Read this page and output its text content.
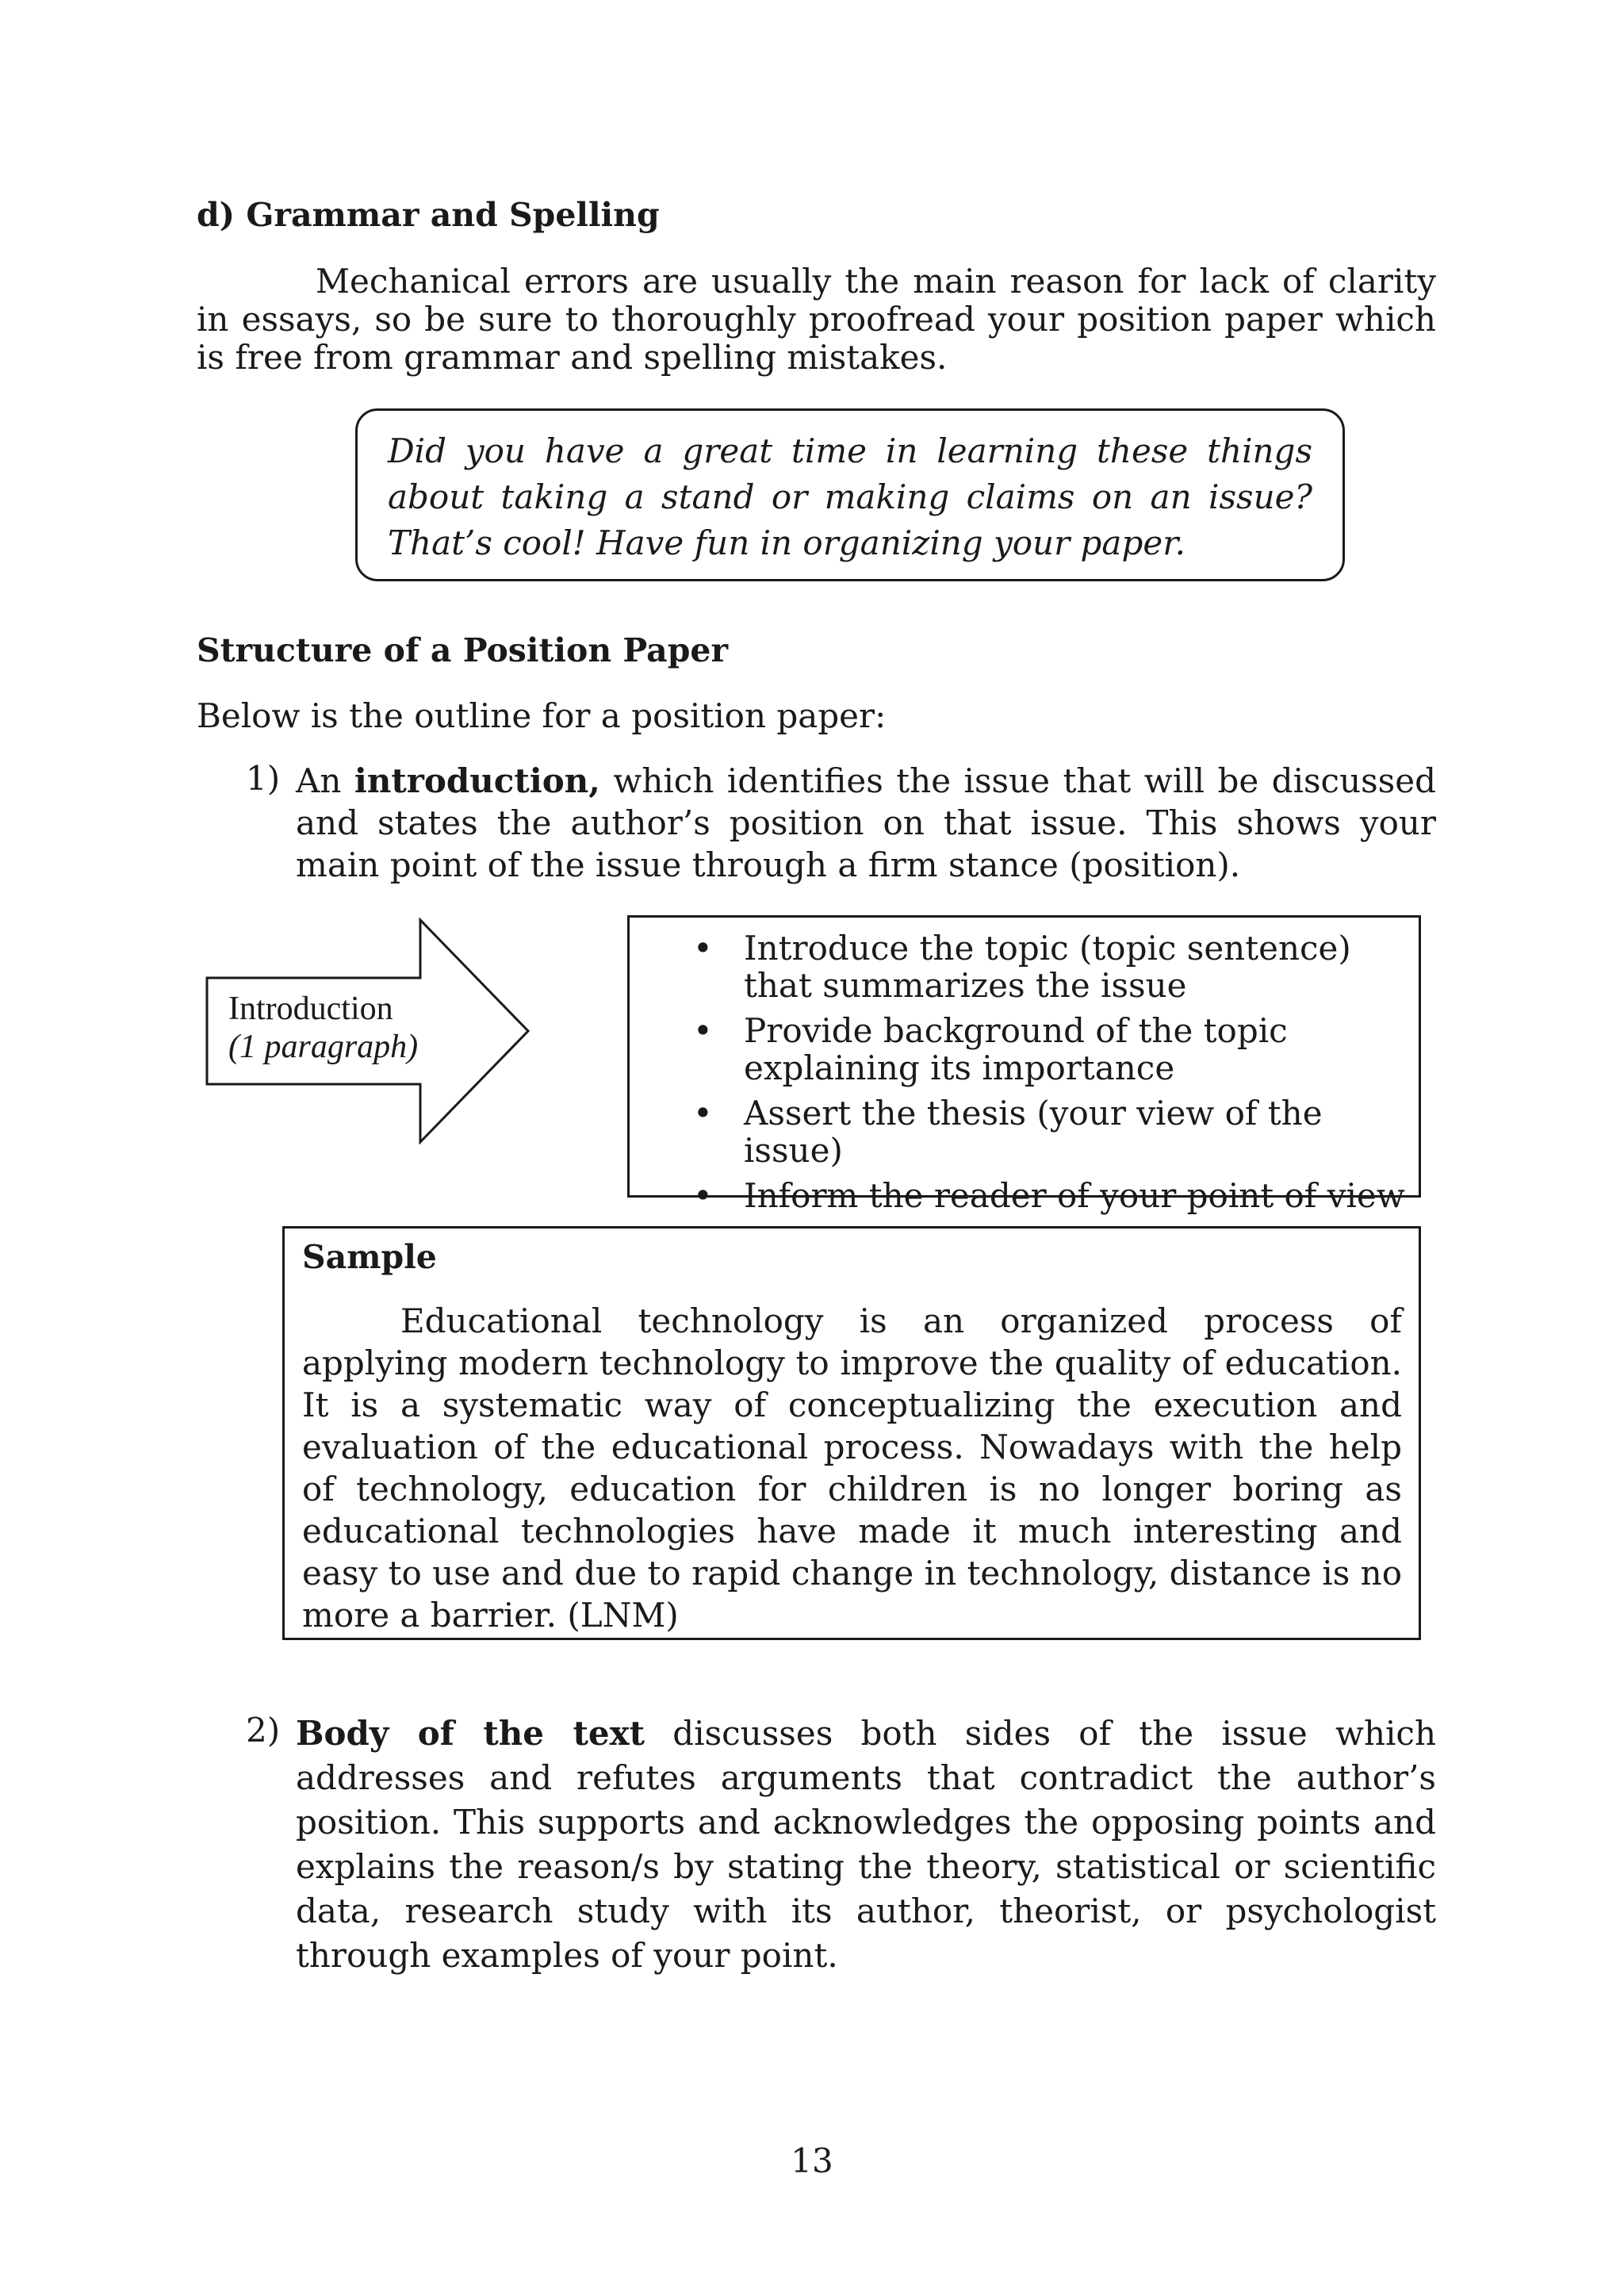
d) Grammar and Spelling
Mechanical errors are usually the main reason for lack of clarity in essays, so be sure to thoroughly proofread your position paper which is free from grammar and spelling mistakes.
Did you have a great time in learning these things about taking a stand or making claims on an issue? That’s cool! Have fun in organizing your paper.
Structure of a Position Paper
Below is the outline for a position paper:
1) An introduction, which identifies the issue that will be discussed and states the author’s position on that issue. This shows your main point of the issue through a firm stance (position).
Introduction
(1 paragraph)
• Introduce the topic (topic sentence) that summarizes the issue
• Provide background of the topic explaining its importance
• Assert the thesis (your view of the issue)
• Inform the reader of your point of view
Sample
Educational technology is an organized process of applying modern technology to improve the quality of education. It is a systematic way of conceptualizing the execution and evaluation of the educational process. Nowadays with the help of technology, education for children is no longer boring as educational technologies have made it much interesting and easy to use and due to rapid change in technology, distance is no more a barrier. (LNM)
2) Body of the text discusses both sides of the issue which addresses and refutes arguments that contradict the author’s position. This supports and acknowledges the opposing points and explains the reason/s by stating the theory, statistical or scientific data, research study with its author, theorist, or psychologist through examples of your point.
13
